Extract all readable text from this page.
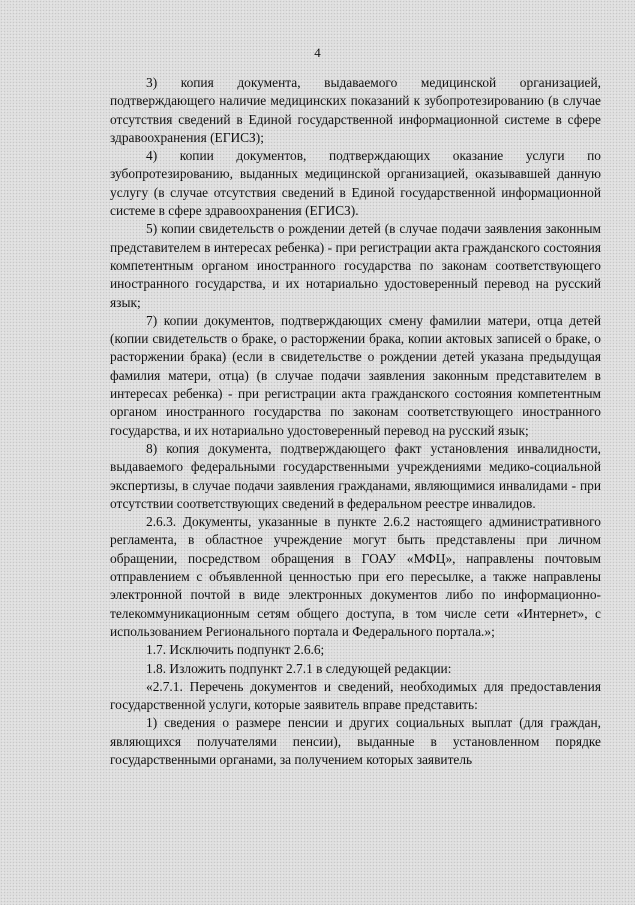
4

3) копия документа, выдаваемого медицинской организацией, подтверждающего наличие медицинских показаний к зубопротезированию (в случае отсутствия сведений в Единой государственной информационной системе в сфере здравоохранения (ЕГИСЗ);

4) копии документов, подтверждающих оказание услуги по зубопротезированию, выданных медицинской организацией, оказывавшей данную услугу (в случае отсутствия сведений в Единой государственной информационной системе в сфере здравоохранения (ЕГИСЗ).

5) копии свидетельств о рождении детей (в случае подачи заявления законным представителем в интересах ребенка) - при регистрации акта гражданского состояния компетентным органом иностранного государства по законам соответствующего иностранного государства, и их нотариально удостоверенный перевод на русский язык;

7) копии документов, подтверждающих смену фамилии матери, отца детей (копии свидетельств о браке, о расторжении брака, копии актовых записей о браке, о расторжении брака) (если в свидетельстве о рождении детей указана предыдущая фамилия матери, отца) (в случае подачи заявления законным представителем в интересах ребенка) - при регистрации акта гражданского состояния компетентным органом иностранного государства по законам соответствующего иностранного государства, и их нотариально удостоверенный перевод на русский язык;

8) копия документа, подтверждающего факт установления инвалидности, выдаваемого федеральными государственными учреждениями медико-социальной экспертизы, в случае подачи заявления гражданами, являющимися инвалидами - при отсутствии соответствующих сведений в федеральном реестре инвалидов.

2.6.3. Документы, указанные в пункте 2.6.2 настоящего административного регламента, в областное учреждение могут быть представлены при личном обращении, посредством обращения в ГОАУ «МФЦ», направлены почтовым отправлением с объявленной ценностью при его пересылке, а также направлены электронной почтой в виде электронных документов либо по информационно-телекоммуникационным сетям общего доступа, в том числе сети «Интернет», с использованием Регионального портала и Федерального портала.»;

1.7. Исключить подпункт 2.6.6;

1.8. Изложить подпункт 2.7.1 в следующей редакции:

«2.7.1. Перечень документов и сведений, необходимых для предоставления государственной услуги, которые заявитель вправе представить:

1) сведения о размере пенсии и других социальных выплат (для граждан, являющихся получателями пенсии), выданные в установленном порядке государственными органами, за получением которых заявитель
